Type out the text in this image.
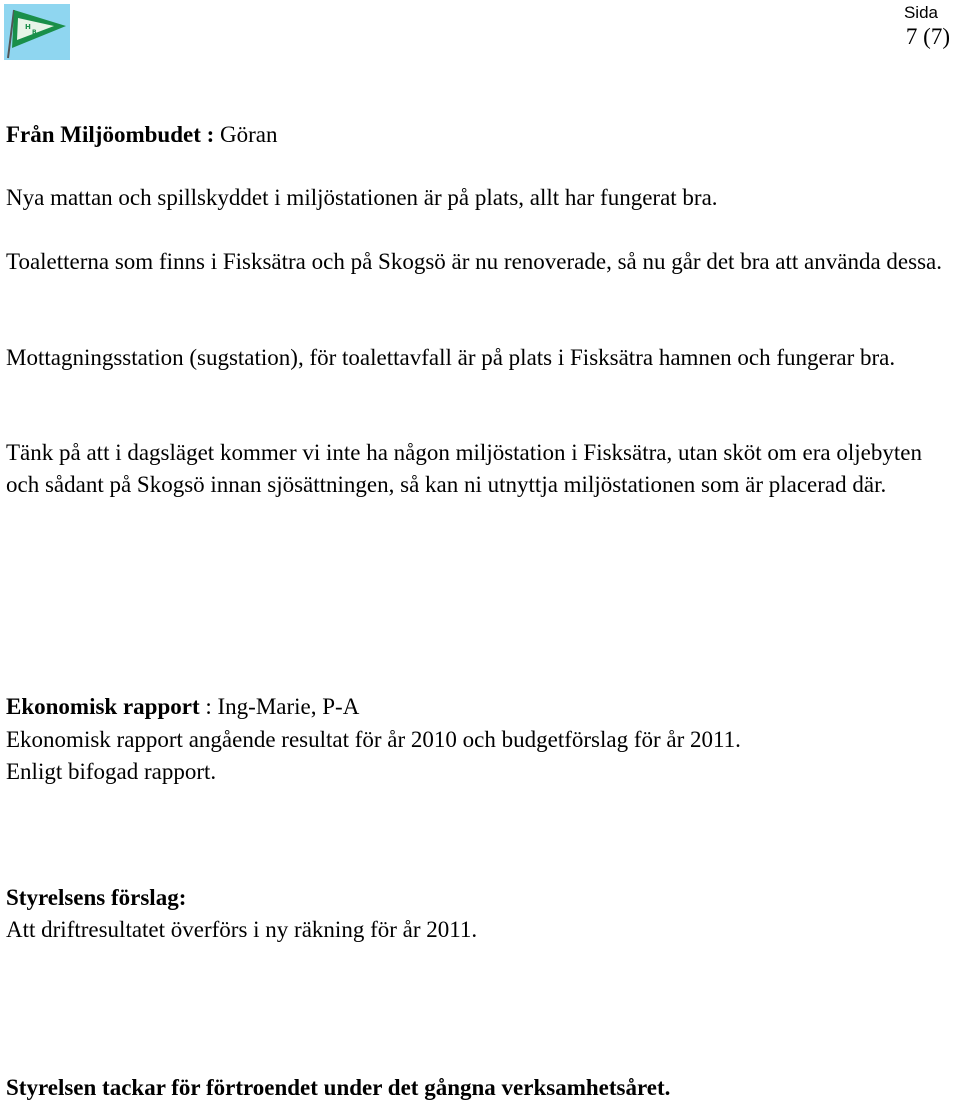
H
B
Sida
7 (7)

Från Miljöombudet : Göran

Nya mattan och spillskyddet i miljöstationen är på plats, allt har fungerat bra.

Toaletterna som finns i Fisksätra och på Skogsö är nu renoverade, så nu går det bra att använda dessa.

Mottagningsstation (sugstation), för toalettavfall är på plats i Fisksätra hamnen och fungerar bra.

Tänk på att i dagsläget kommer vi inte ha någon miljöstation i Fisksätra, utan sköt om era oljebyten och sådant på Skogsö innan sjösättningen, så kan ni utnyttja miljöstationen som är placerad där.

Ekonomisk rapport : Ing-Marie, P-A

Ekonomisk rapport angående resultat för år 2010 och budgetförslag för år 2011.

Enligt bifogad rapport.

Styrelsens förslag:

Att driftresultatet överförs i ny räkning för år 2011.

Styrelsen tackar för förtroendet under det gångna verksamhetsåret.
